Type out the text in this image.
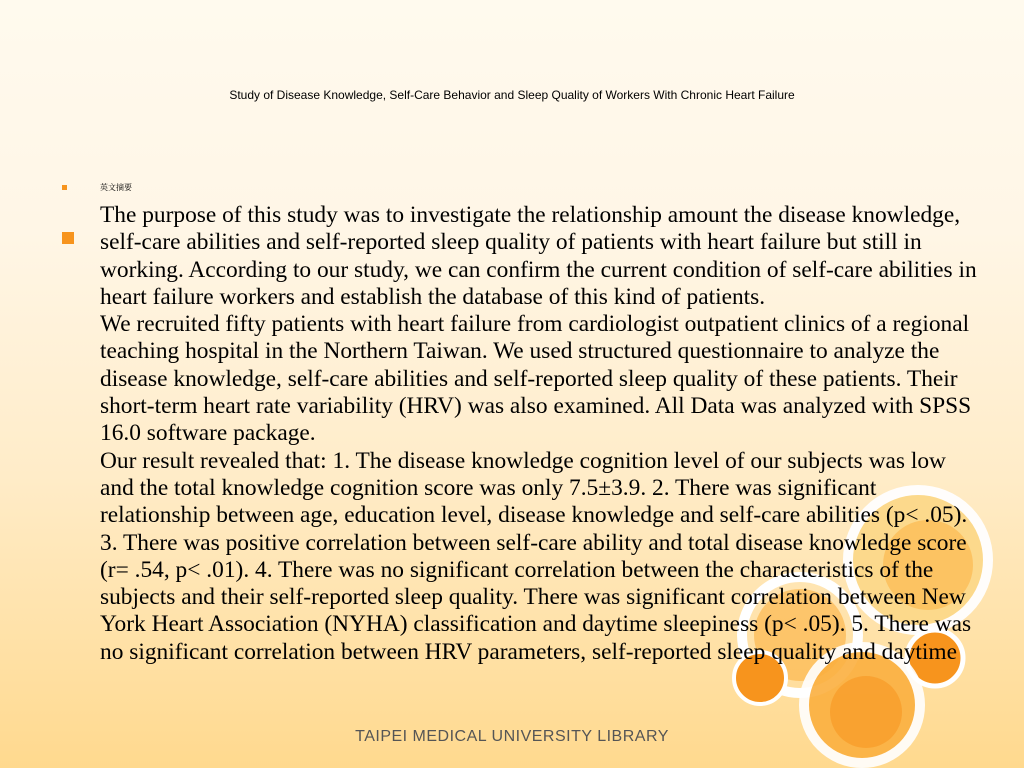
Study of Disease Knowledge, Self-Care Behavior and Sleep Quality of Workers With Chronic Heart Failure
英文摘要

The purpose of this study was to investigate the relationship amount the disease knowledge, self-care abilities and self-reported sleep quality of patients with heart failure but still in working. According to our study, we can confirm the current condition of self-care abilities in heart failure workers and establish the database of this kind of patients.

We recruited fifty patients with heart failure from cardiologist outpatient clinics of a regional teaching hospital in the Northern Taiwan. We used structured questionnaire to analyze the disease knowledge, self-care abilities and self-reported sleep quality of these patients. Their short-term heart rate variability (HRV) was also examined. All Data was analyzed with SPSS 16.0 software package.

Our result revealed that: 1. The disease knowledge cognition level of our subjects was low and the total knowledge cognition score was only 7.5±3.9. 2. There was significant relationship between age, education level, disease knowledge and self-care abilities (p< .05). 3. There was positive correlation between self-care ability and total disease knowledge score (r= .54, p< .01). 4. There was no significant correlation between the characteristics of the subjects and their self-reported sleep quality. There was significant correlation between New York Heart Association (NYHA) classification and daytime sleepiness (p< .05). 5. There was no significant correlation between HRV parameters, self-reported sleep quality and daytime

TAIPEI MEDICAL UNIVERSITY LIBRARY
